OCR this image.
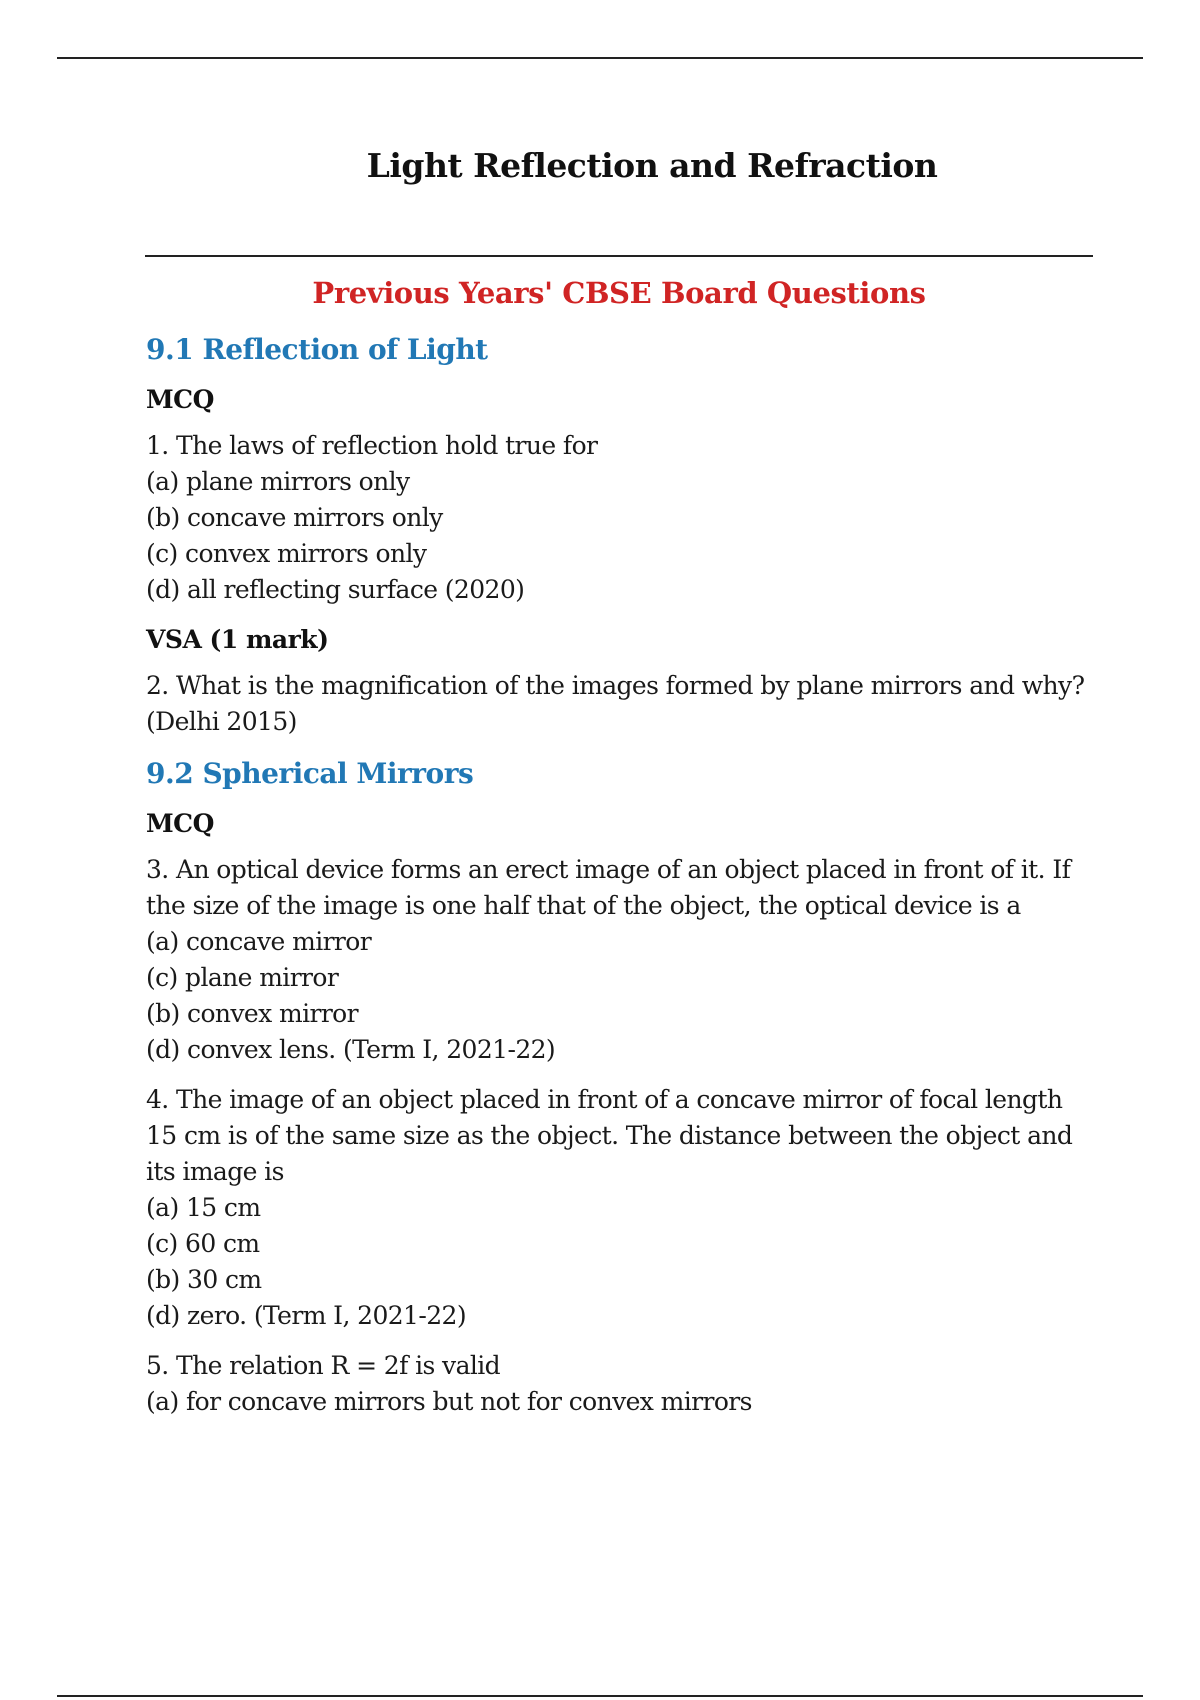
Light Reflection and Refraction
Previous Years' CBSE Board Questions
9.1 Reflection of Light
MCQ
1. The laws of reflection hold true for
(a) plane mirrors only
(b) concave mirrors only
(c) convex mirrors only
(d) all reflecting surface (2020)
VSA (1 mark)
2. What is the magnification of the images formed by plane mirrors and why?(Delhi 2015)
9.2 Spherical Mirrors
MCQ
3. An optical device forms an erect image of an object placed in front of it. If the size of the image is one half that of the object, the optical device is a
(a) concave mirror
(c) plane mirror
(b) convex mirror
(d) convex lens. (Term I, 2021-22)
4. The image of an object placed in front of a concave mirror of focal length 15 cm is of the same size as the object. The distance between the object and its image is
(a) 15 cm
(c) 60 cm
(b) 30 cm
(d) zero. (Term I, 2021-22)
5. The relation R = 2f is valid
(a) for concave mirrors but not for convex mirrors
